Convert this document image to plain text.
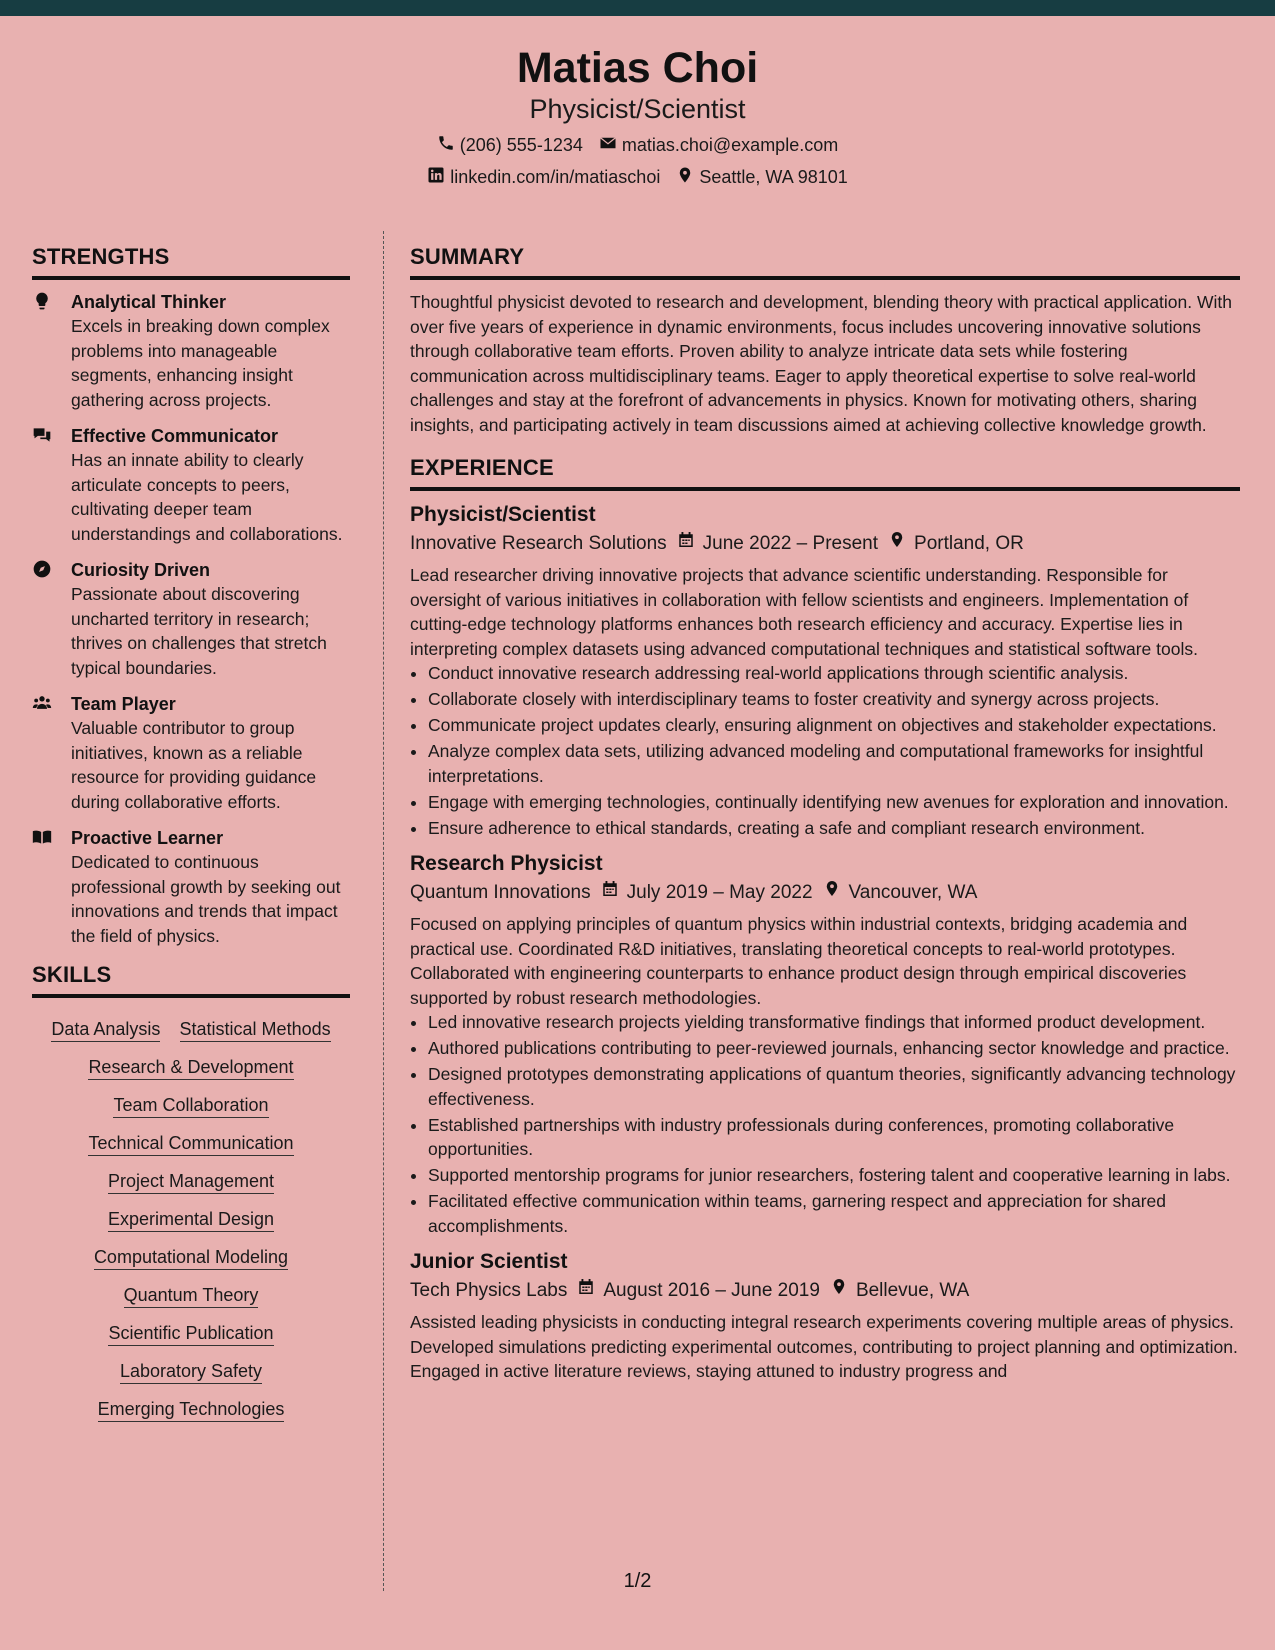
Matias Choi
Physicist/Scientist
(206) 555-1234 matias.choi@example.com
linkedin.com/in/matiaschoi Seattle, WA 98101
STRENGTHS
Analytical Thinker
Excels in breaking down complex problems into manageable segments, enhancing insight gathering across projects.
Effective Communicator
Has an innate ability to clearly articulate concepts to peers, cultivating deeper team understandings and collaborations.
Curiosity Driven
Passionate about discovering uncharted territory in research; thrives on challenges that stretch typical boundaries.
Team Player
Valuable contributor to group initiatives, known as a reliable resource for providing guidance during collaborative efforts.
Proactive Learner
Dedicated to continuous professional growth by seeking out innovations and trends that impact the field of physics.
SKILLS
Data Analysis Statistical Methods
Research & Development
Team Collaboration
Technical Communication
Project Management
Experimental Design
Computational Modeling
Quantum Theory
Scientific Publication
Laboratory Safety
Emerging Technologies
SUMMARY

Thoughtful physicist devoted to research and development, blending theory with practical application. With over five years of experience in dynamic environments, focus includes uncovering innovative solutions through collaborative team efforts. Proven ability to analyze intricate data sets while fostering communication across multidisciplinary teams. Eager to apply theoretical expertise to solve real-world challenges and stay at the forefront of advancements in physics. Known for motivating others, sharing insights, and participating actively in team discussions aimed at achieving collective knowledge growth.

EXPERIENCE
Physicist/Scientist
Innovative Research Solutions June 2022 – Present Portland, OR

Lead researcher driving innovative projects that advance scientific understanding. Responsible for oversight of various initiatives in collaboration with fellow scientists and engineers. Implementation of cutting-edge technology platforms enhances both research efficiency and accuracy. Expertise lies in interpreting complex datasets using advanced computational techniques and statistical software tools.

• Conduct innovative research addressing real-world applications through scientific analysis.
• Collaborate closely with interdisciplinary teams to foster creativity and synergy across projects.
• Communicate project updates clearly, ensuring alignment on objectives and stakeholder expectations.
• Analyze complex data sets, utilizing advanced modeling and computational frameworks for insightful interpretations.
• Engage with emerging technologies, continually identifying new avenues for exploration and innovation.
• Ensure adherence to ethical standards, creating a safe and compliant research environment.
Research Physicist
Quantum Innovations July 2019 – May 2022 Vancouver, WA

Focused on applying principles of quantum physics within industrial contexts, bridging academia and practical use. Coordinated R&D initiatives, translating theoretical concepts to real-world prototypes. Collaborated with engineering counterparts to enhance product design through empirical discoveries supported by robust research methodologies.

• Led innovative research projects yielding transformative findings that informed product development.
• Authored publications contributing to peer-reviewed journals, enhancing sector knowledge and practice.
• Designed prototypes demonstrating applications of quantum theories, significantly advancing technology effectiveness.
• Established partnerships with industry professionals during conferences, promoting collaborative opportunities.
• Supported mentorship programs for junior researchers, fostering talent and cooperative learning in labs.
• Facilitated effective communication within teams, garnering respect and appreciation for shared accomplishments.
Junior Scientist
Tech Physics Labs August 2016 – June 2019 Bellevue, WA

Assisted leading physicists in conducting integral research experiments covering multiple areas of physics. Developed simulations predicting experimental outcomes, contributing to project planning and optimization. Engaged in active literature reviews, staying attuned to industry progress and

1/2
